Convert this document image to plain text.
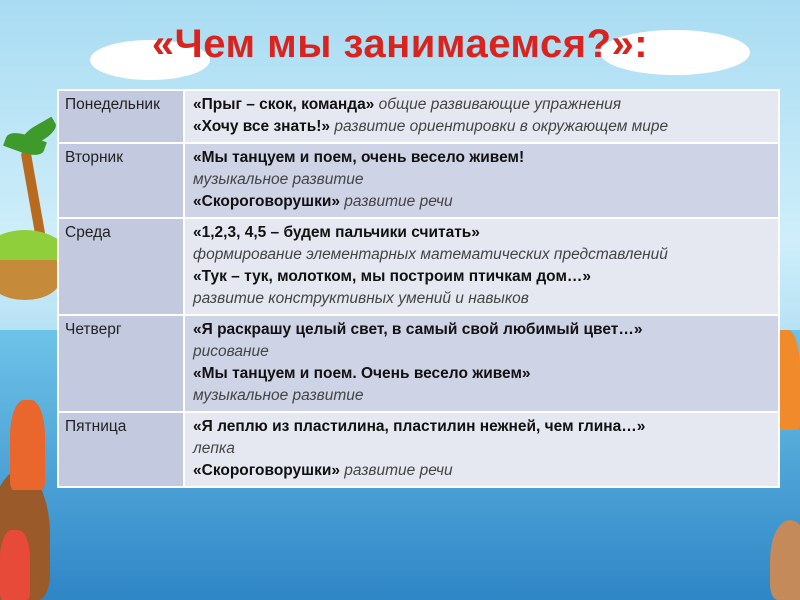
«Чем мы занимаемся?»:
Понедельник	«Прыг – скок, команда» общие развивающие упражнения
«Хочу все знать!» развитие ориентировки в окружающем мире

Вторник	«Мы танцуем и поем, очень весело живем!
музыкальное развитие
«Скороговорушки» развитие речи

Среда	«1,2,3, 4,5 – будем пальчики считать»
формирование элементарных математических представлений
«Тук – тук, молотком, мы построим птичкам дом…»
развитие конструктивных умений и навыков

Четверг	«Я раскрашу целый свет, в самый свой любимый цвет…»
рисование
«Мы танцуем и поем. Очень весело живем»
музыкальное развитие

Пятница	«Я леплю из пластилина, пластилин нежней, чем глина…»
лепка
«Скороговорушки» развитие речи
